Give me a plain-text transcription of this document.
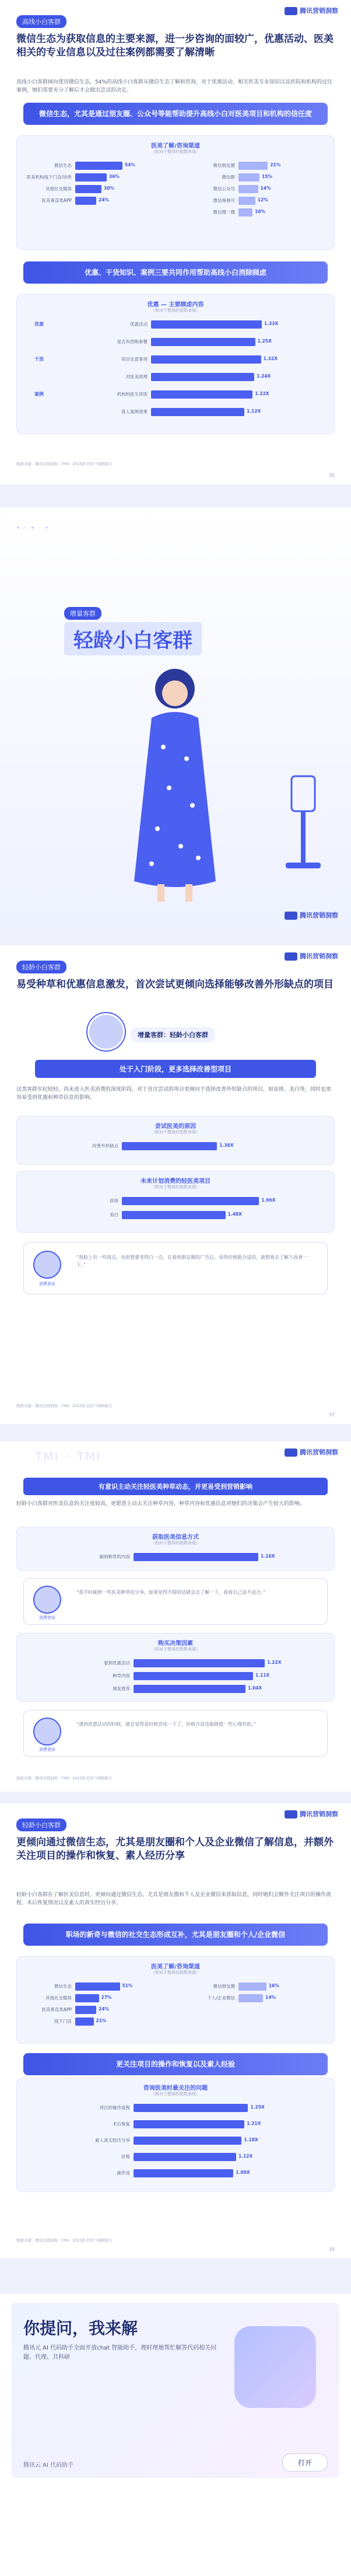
腾讯营销洞察
高线小白客群
微信生态为获取信息的主要来源，进一步咨询的面较广，优惠活动、医美相关的专业信息以及过往案例都需要了解清晰
高线小白客群倾向使用微信生态，54%的高线小白客群从微信生态了解和咨询，对于优惠活动、相关医美专业知识以及医院和机构的过往案例，她们需要充分了解后才会做出尝试的决定。
微信生态，尤其是通过朋友圈、公众号等能帮助提升高线小白对医美项目和机构的信任度
医美了解/咨询渠道
（相对于整体的指数表现）
微信生态	54%
医美机构线下门店/诊所	36%
其他社交媒体	30%
医美垂直类APP	24%
微信朋友圈	21%
微信群	15%
微信公众号	14%
微信视频号	12%
微信搜一搜	10%
优惠、干货知识、案例三要共同作用帮助高线小白消除顾虑
优惠 — 主要顾虑内容
（相对于整体的指数表现）
优惠	优惠活动	1.33X
是否有团购套餐	1.25X
干货	项目注意事项	1.32X
对医美原理	1.24X
案例	机构的医生资质	1.22X
真人案例效果	1.12X
数据来源：腾讯营销洞察（TMI）2023医美用户调研报告
35
✦ ◦ ✦ ◦ ✦
增量客群
轻龄小白客群
腾讯营销洞察
腾讯营销洞察
轻龄小白客群
易受种草和优惠信息激发，首次尝试更倾向选择能够改善外形缺点的项目
增量客群：轻龄小白客群
处于入门阶段，更多选择改善型项目
这类客群年纪较轻，尚未进入医美消费的深度阶段，对于首次尝试的项目更倾向于选择改善外形缺点的项目，如祛斑、美白等，同时也更容易受到优惠和种草信息的影响。
尝试医美的原因
（相对于整体的指数表现）
改善外形缺点	1.36X
未来计划消费的轻医美项目
（相对于整体的指数表现）
祛斑	1.96X
美白	1.48X
消费者说
“我脸上有一些斑点，也很想要变得白一点，在看到朋友圈的广告后，觉得价格挺合适的，就想着去了解下改善一下。”
数据来源：腾讯营销洞察（TMI）2023医美用户调研报告
37
腾讯营销洞察
TMI ◦ TMI
有意识主动关注轻医美种草动态，并更易受到营销影响
轻龄小白客群对医美信息的关注度较高，更愿意主动去关注种草内容，种草内容和优惠信息对她们的决策会产生较大的影响。
获取医美信息方式
（相对于整体的指数表现）
刷到种草的内容	1.16X
消费者说
“我平时刷到一些医美种草的分享，如果觉得不错的话就会去了解一下，看看自己适不适合。”
购买决策因素
（相对于整体的指数表现）
看到优惠活动	1.22X
种草内容	1.11X
朋友推荐	1.04X
消费者说
“遇到优惠活动的时候，就会觉得是时候尝试一下了，价格合适也能降低一些心理负担。”
数据来源：腾讯营销洞察（TMI）2023医美用户调研报告
腾讯营销洞察
轻龄小白客群
更倾向通过微信生态，尤其是朋友圈和个人及企业微信了解信息，并额外关注项目的操作和恢复、素人经历分享
轻龄小白客群在了解医美信息时，更倾向通过微信生态，尤其是朋友圈和个人及企业微信来获取信息，同时她们会额外关注项目的操作流程、术后恢复情况以及素人的真实经历分享。
职场的新奇与微信的社交生态形成互补，尤其是朋友圈和个人/企业微信
医美了解/咨询渠道
（相对于整体的指数表现）
微信生态	51%
其他社交媒体	27%
医美垂直类APP	24%
线下门店	21%
微信朋友圈	16%
个人/企业微信	14%
更关注项目的操作和恢复以及素人经验
咨询医美时最关注的问题
（相对于整体的指数表现）
项目的操作流程	1.25X
术后恢复	1.21X
素人真实经历分享	1.18X
价格	1.12X
副作用	1.09X
数据来源：腾讯营销洞察（TMI）2023医美用户调研报告
39
你提问，我来解
腾讯元 AI 代码助手全面开放chat 智能助手，理时理地帮忙解答代码相关问题、代理、共科研
腾讯云 AI 代码助手	打开
